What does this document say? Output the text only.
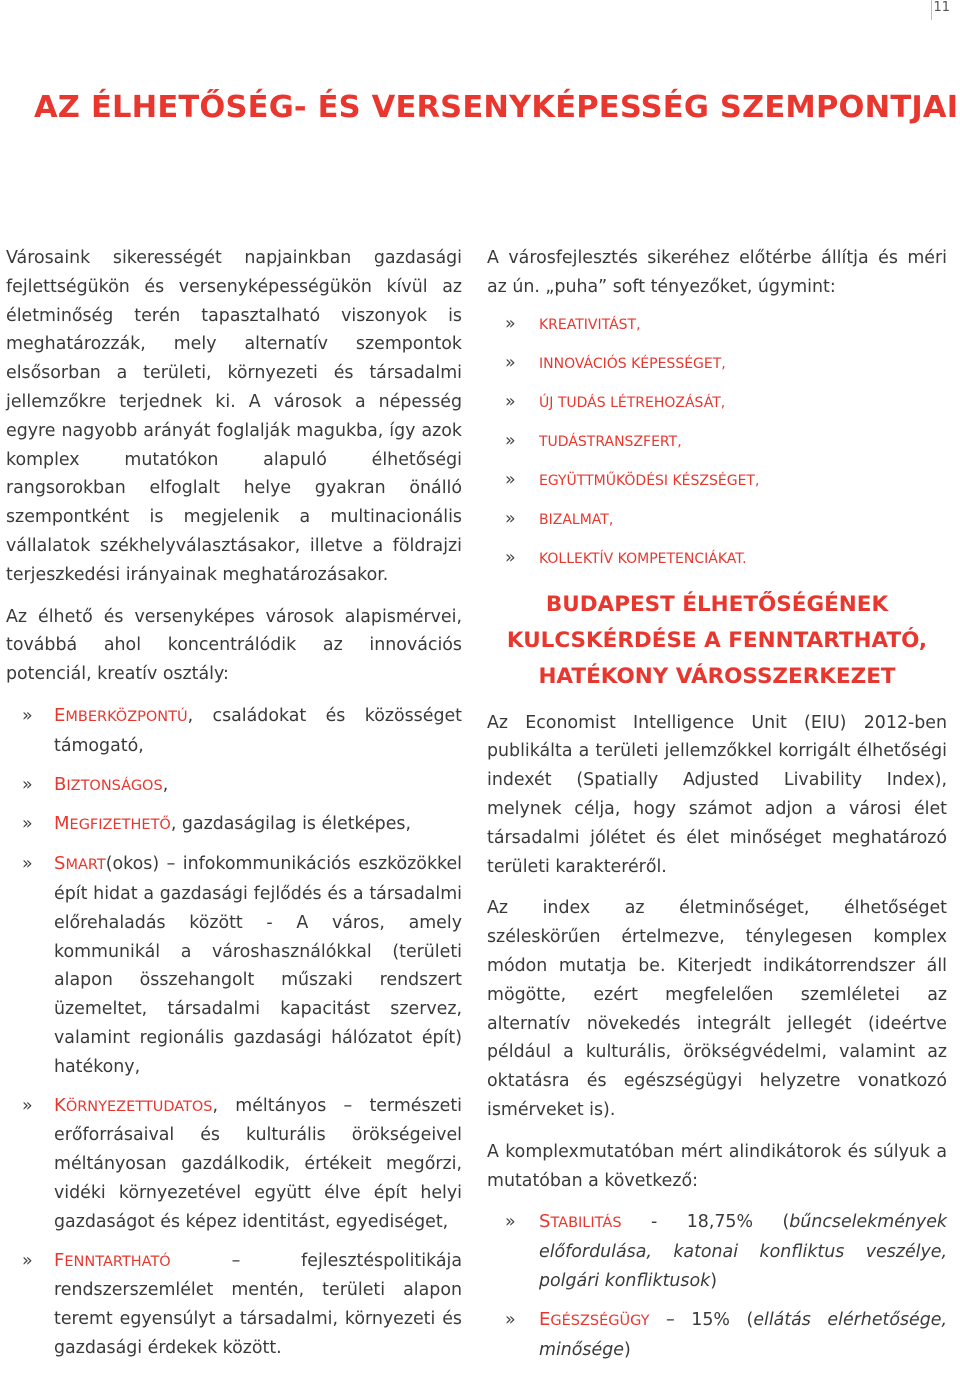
11
AZ ÉLHETŐSÉG- ÉS VERSENYKÉPESSÉG SZEMPONTJAI

Városaink sikerességét napjainkban gazdasági fejlettségükön és versenyképességükön kívül az életminőség terén tapasztalható viszonyok is meghatározzák, mely alternatív szempontok elsősorban a területi, környezeti és társadalmi jellemzőkre terjednek ki. A városok a népesség egyre nagyobb arányát foglalják magukba, így azok komplex mutatókon alapuló élhetőségi rangsorokban elfoglalt helye gyakran önálló szempontként is megjelenik a multinacionális vállalatok székhelyválasztásakor, illetve a földrajzi terjeszkedési irányainak meghatározásakor.

Az élhető és versenyképes városok alapismérvei, továbbá ahol koncentrálódik az innovációs potenciál, kreatív osztály:

» EMBERKÖZPONTÚ, családokat és közösséget támogató,
» BIZTONSÁGOS,
» MEGFIZETHETŐ, gazdaságilag is életképes,
» SMART(okos) – infokommunikációs eszközökkel épít hidat a gazdasági fejlődés és a társadalmi előrehaladás között - A város, amely kommunikál a városhasználókkal (területi alapon összehangolt műszaki rendszert üzemeltet, társadalmi kapacitást szervez, valamint regionális gazdasági hálózatot épít) hatékony,
» KÖRNYEZETTUDATOS, méltányos – természeti erőforrásaival és kulturális örökségeivel méltányosan gazdálkodik, értékeit megőrzi, vidéki környezetével együtt élve épít helyi gazdaságot és képez identitást, egyediséget,
» FENNTARTHATÓ – fejlesztéspolitikája rendszerszemlélet mentén, területi alapon teremt egyensúlyt a társadalmi, környezeti és gazdasági érdekek között.

A városfejlesztés sikeréhez előtérbe állítja és méri az ún. „puha” soft tényezőket, úgymint:

» KREATIVITÁST,
» INNOVÁCIÓS KÉPESSÉGET,
» ÚJ TUDÁS LÉTREHOZÁSÁT,
» TUDÁSTRANSZFERT,
» EGYÜTTMŰKÖDÉSI KÉSZSÉGET,
» BIZALMAT,
» KOLLEKTÍV KOMPETENCIÁKAT.
BUDAPEST ÉLHETŐSÉGÉNEK KULCSKÉRDÉSE A FENNTARTHATÓ, HATÉKONY VÁROSSZERKEZET

Az Economist Intelligence Unit (EIU) 2012-ben publikálta a területi jellemzőkkel korrigált élhetőségi indexét (Spatially Adjusted Livability Index), melynek célja, hogy számot adjon a városi élet társadalmi jólétet és élet minőséget meghatározó területi karakteréről.

Az index az életminőséget, élhetőséget széleskörűen értelmezve, ténylegesen komplex módon mutatja be. Kiterjedt indikátorrendszer áll mögötte, ezért megfelelően szemléletei az alternatív növekedés integrált jellegét (ideértve például a kulturális, örökségvédelmi, valamint az oktatásra és egészségügyi helyzetre vonatkozó ismérveket is).

A komplexmutatóban mért alindikátorok és súlyuk a mutatóban a következő:

» STABILITÁS - 18,75% (bűncselekmények előfordulása, katonai konfliktus veszélye, polgári konfliktusok)
» EGÉSZSÉGÜGY – 15% (ellátás elérhetősége, minősége)
